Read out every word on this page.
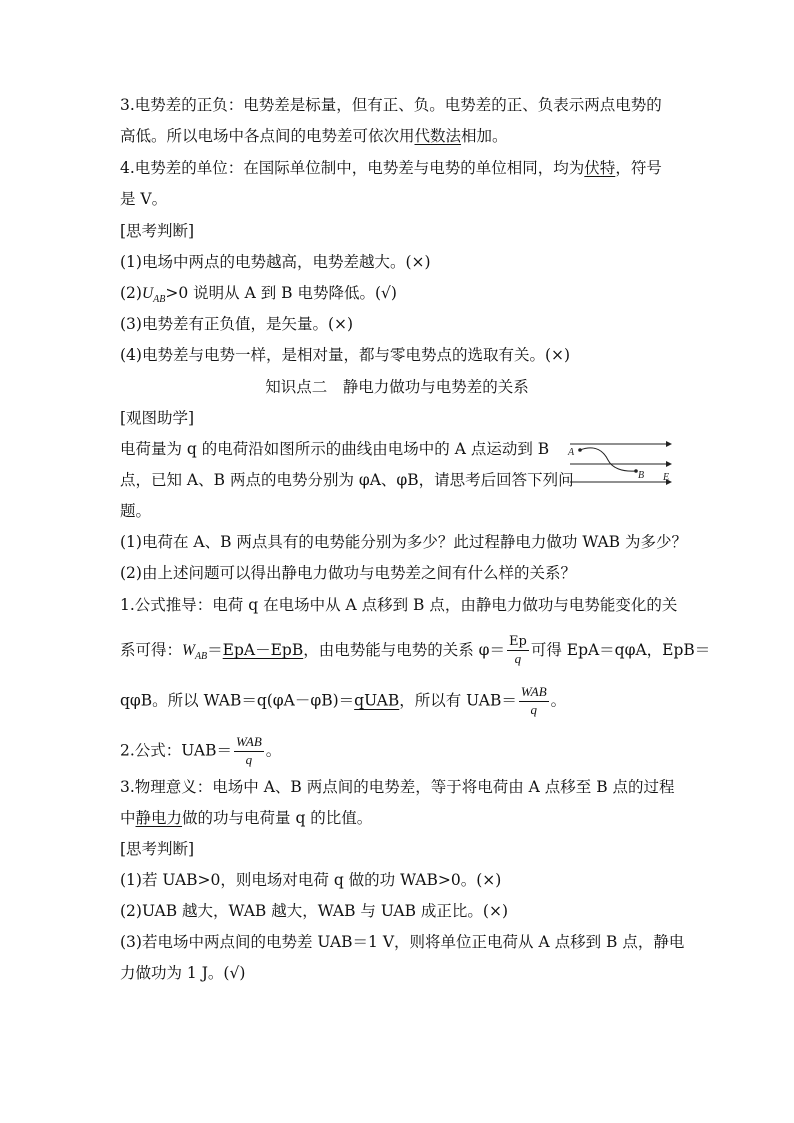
3.电势差的正负：电势差是标量，但有正、负。电势差的正、负表示两点电势的
高低。所以电场中各点间的电势差可依次用代数法相加。
4.电势差的单位：在国际单位制中，电势差与电势的单位相同，均为伏特，符号
是 V。
[思考判断]
(1)电场中两点的电势越高，电势差越大。(×)
$(2)U_{AB}>0$ 说明从 A 到 B 电势降低。(√)
(3)电势差有正负值，是矢量。(×)
(4)电势差与电势一样，是相对量，都与零电势点的选取有关。(×)
知识点二　静电力做功与电势差的关系
[观图助学]
电荷量为 q 的电荷沿如图所示的曲线由电场中的 A 点运动到 B
点，已知 A、B 两点的电势分别为 φA、φB，请思考后回答下列问
题。
A
B E
(1)电荷在 A、B 两点具有的电势能分别为多少？此过程静电力做功 WAB 为多少？
(2)由上述问题可以得出静电力做功与电势差之间有什么样的关系？
1.公式推导：电荷 q 在电场中从 A 点移到 B 点，由静电力做功与电势能变化的关
系可得：$W_{AB}=EpA-EpB$，由电势能与电势的关系 $\varphi= \frac{Ep}{q}$ 可得 EpA＝qφA，EpB＝
qφB。所以 WAB＝q(φA－φB)＝qUAB，所以有 $UAB= \frac{\text{WAB}}{q}$ 。
2.公式：$UAB= \frac{\text{WAB}}{q}$ 。
3.物理意义：电场中 A、B 两点间的电势差，等于将电荷由 A 点移至 B 点的过程
中静电力做的功与电荷量 q 的比值。
[思考判断]
(1)若 UAB>0，则电场对电荷 q 做的功 WAB>0。(×)
(2)UAB 越大，WAB 越大，WAB 与 UAB 成正比。(×)
(3)若电场中两点间的电势差 UAB＝1 V，则将单位正电荷从 A 点移到 B 点，静电
力做功为 1 J。(√)
